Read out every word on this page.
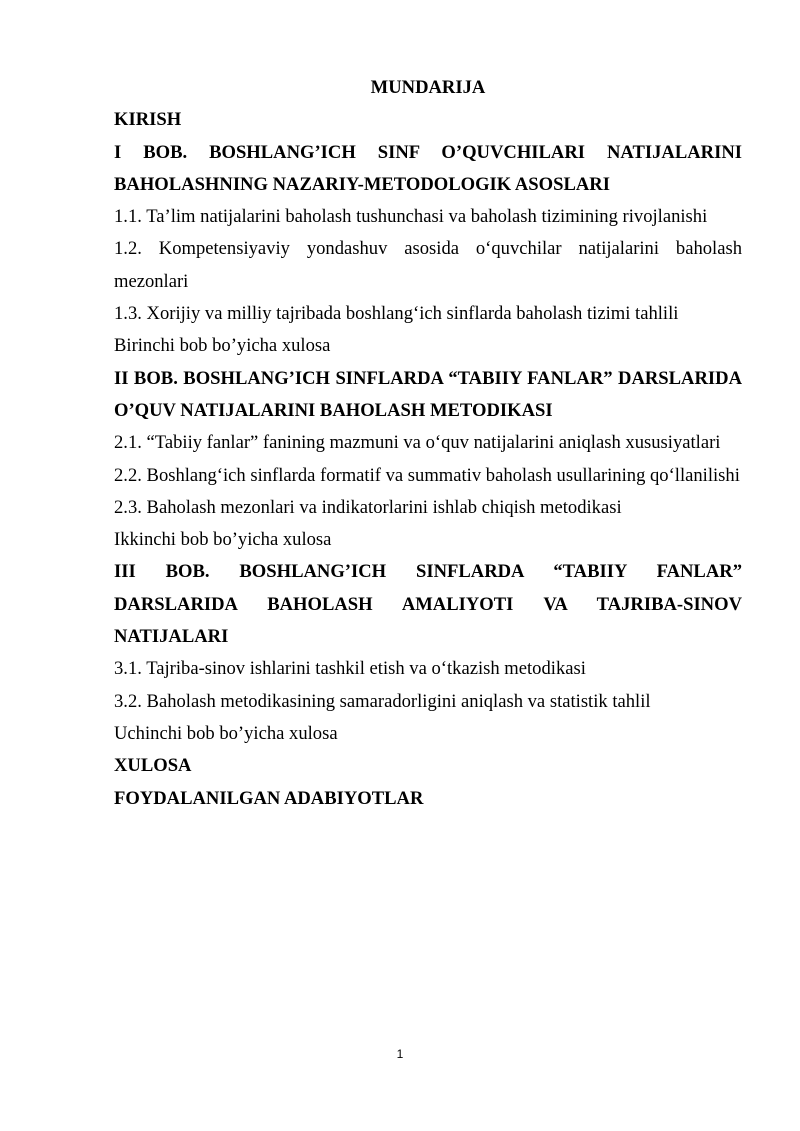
MUNDARIJA

KIRISH

I BOB. BOSHLANG’ICH SINF O’QUVCHILARI NATIJALARINI BAHOLASHNING NAZARIY-METODOLOGIK ASOSLARI

1.1. Ta’lim natijalarini baholash tushunchasi va baholash tizimining rivojlanishi

1.2. Kompetensiyaviy yondashuv asosida o‘quvchilar natijalarini baholash mezonlari

1.3. Xorijiy va milliy tajribada boshlang‘ich sinflarda baholash tizimi tahlili

Birinchi bob bo’yicha xulosa

II BOB. BOSHLANG’ICH SINFLARDA “TABIIY FANLAR” DARSLARIDA O’QUV NATIJALARINI BAHOLASH METODIKASI

2.1. “Tabiiy fanlar” fanining mazmuni va o‘quv natijalarini aniqlash xususiyatlari

2.2. Boshlang‘ich sinflarda formatif va summativ baholash usullarining qo‘llanilishi

2.3. Baholash mezonlari va indikatorlarini ishlab chiqish metodikasi

Ikkinchi bob bo’yicha xulosa

III BOB. BOSHLANG’ICH SINFLARDA “TABIIY FANLAR” DARSLARIDA BAHOLASH AMALIYOTI VA TAJRIBA-SINOV NATIJALARI

3.1. Tajriba-sinov ishlarini tashkil etish va o‘tkazish metodikasi

3.2. Baholash metodikasining samaradorligini aniqlash va statistik tahlil

Uchinchi bob bo’yicha xulosa

XULOSA

FOYDALANILGAN ADABIYOTLAR

1
